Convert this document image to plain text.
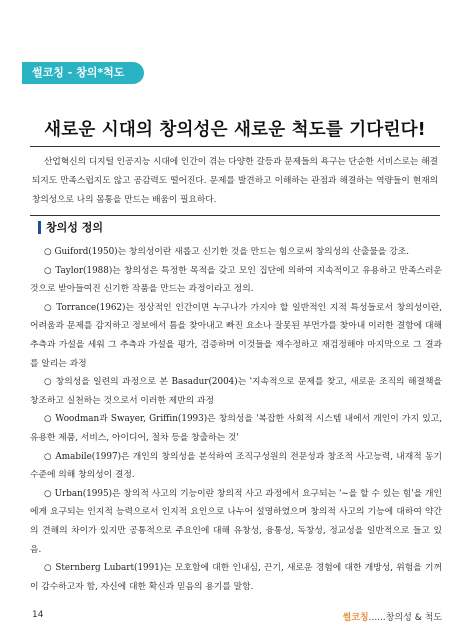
썰코칭 - 창의*척도
새로운 시대의 창의성은 새로운 척도를 기다린다!

산업혁신의 디지털 인공지능 시대에 인간이 겪는 다양한 갈등과 문제들의 욕구는 단순한 서비스로는 해결되지도 만족스럽지도 않고 공감력도 떨어진다. 문제를 발견하고 이해하는 관점과 해결하는 역량들이 현재의 창의성으로 나의 몸통을 만드는 배움이 필요하다.

창의성 정의

○ Guiford(1950)는 창의성이란 새롭고 신기한 것을 만드는 힘으로써 창의성의 산출물을 강조.

○ Taylor(1988)는 창의성은 특정한 목적을 갖고 모인 집단에 의하여 지속적이고 유용하고 만족스러운 것으로 받아들여진 신기한 작품을 만드는 과정이라고 정의.

○ Torrance(1962)는 정상적인 인간이면 누구나가 가지야 할 일반적인 지적 특성들로서 창의성이란, 어려움과 문제를 감지하고 정보에서 틈을 찾아내고 빠진 요소나 잘못된 부먼가를 찾아내 이러한 결함에 대해 추측과 가설을 세워 그 추측과 가설을 평가, 검증하며 이것들을 재수정하고 재검정해야 마지막으로 그 결과를 알리는 과정

○ 창의성을 일련의 과정으로 본 Basadur(2004)는 '지속적으로 문제를 찾고, 새로운 조직의 해결책을 창조하고 실천하는 것으로서 이러한 제반의 과정

○ Woodman과 Swayer, Griffin(1993)은 창의성을 '복잡한 사회적 시스템 내에서 개인이 가지 있고, 유용한 제품, 서비스, 아이디어, 절차 등을 창출하는 것'

○ Amabile(1997)은 개인의 창의성을 분석하여 조직구성원의 전문성과 창조적 사고능력, 내재적 동기 수준에 의해 창의성이 결정.

○ Urban(1995)은 창의적 사고의 기능이란 창의적 사고 과정에서 요구되는 '~을 할 수 있는 힘'을 개인에게 요구되는 인지적 능력으로서 인지적 요인으로 나누어 설명하였으며 창의적 사고의 기능에 대하여 약간의 견해의 차이가 있지만 공통적으로 주요인에 대해 유창성, 융통성, 독창성, 정교성을 일반적으로 들고 있음.

○ Sternberg Lubart(1991)는 모호함에 대한 인내심, 끈기, 새로운 경험에 대한 개방성, 위험을 기꺼이 감수하고자 함, 자신에 대한 확신과 믿음의 용기를 말함.

14	썰코칭......창의성 & 척도
